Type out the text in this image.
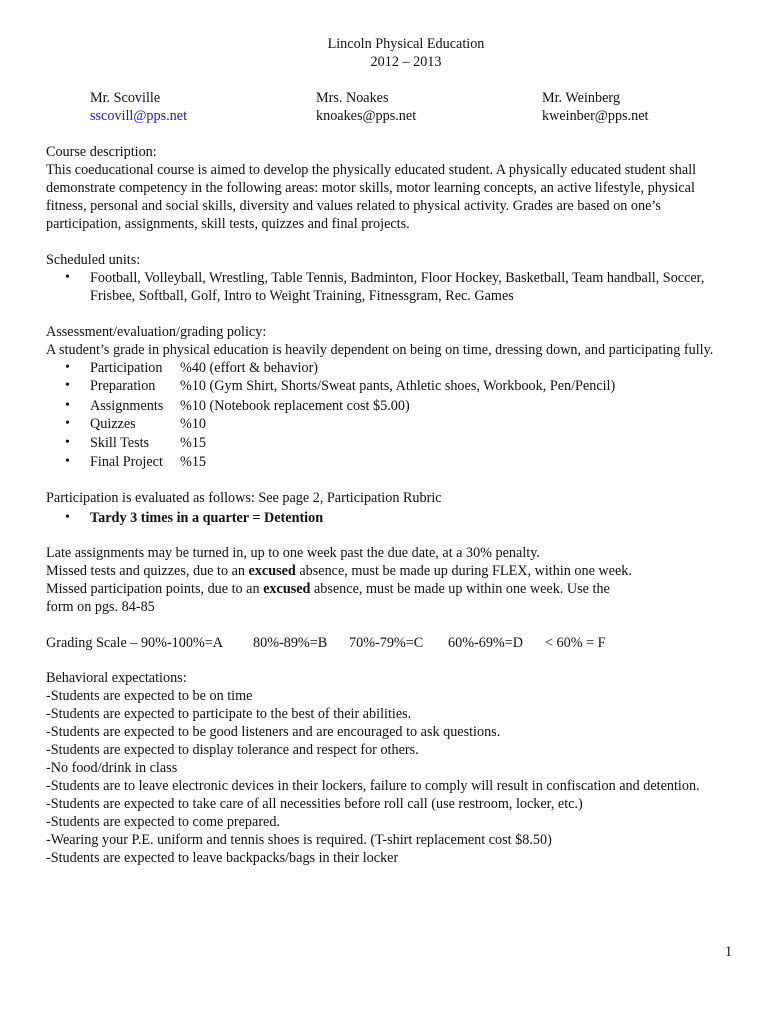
Lincoln Physical Education
2012 – 2013
Mr. Scoville	Mrs. Noakes	Mr. Weinberg
sscovill@pps.net	knoakes@pps.net	kweinber@pps.net
Course description:
This coeducational course is aimed to develop the physically educated student. A physically educated student shall
demonstrate competency in the following areas: motor skills, motor learning concepts, an active lifestyle, physical
fitness, personal and social skills, diversity and values related to physical activity. Grades are based on one’s
participation, assignments, skill tests, quizzes and final projects.
Scheduled units:
• Football, Volleyball, Wrestling, Table Tennis, Badminton, Floor Hockey, Basketball, Team handball, Soccer,
Frisbee, Softball, Golf, Intro to Weight Training, Fitnessgram, Rec. Games
Assessment/evaluation/grading policy:
A student’s grade in physical education is heavily dependent on being on time, dressing down, and participating fully.
• Participation %40 (effort & behavior)
• Preparation %10 (Gym Shirt, Shorts/Sweat pants, Athletic shoes, Workbook, Pen/Pencil)
• Assignments %10 (Notebook replacement cost $5.00)
• Quizzes	%10
• Skill Tests %15
• Final Project %15
Participation is evaluated as follows: See page 2, Participation Rubric
• Tardy 3 times in a quarter = Detention
Late assignments may be turned in, up to one week past the due date, at a 30% penalty.
Missed tests and quizzes, due to an excused absence, must be made up during FLEX, within one week.
Missed participation points, due to an excused absence, must be made up within one week. Use the
form on pgs. 84-85
Grading Scale – 90%-100%=A 80%-89%=B 70%-79%=C 60%-69%=D < 60% = F
Behavioral expectations:
-Students are expected to be on time
-Students are expected to participate to the best of their abilities.
-Students are expected to be good listeners and are encouraged to ask questions.
-Students are expected to display tolerance and respect for others.
-No food/drink in class
-Students are to leave electronic devices in their lockers, failure to comply will result in confiscation and detention.
-Students are expected to take care of all necessities before roll call (use restroom, locker, etc.)
-Students are expected to come prepared.
-Wearing your P.E. uniform and tennis shoes is required. (T-shirt replacement cost $8.50)
-Students are expected to leave backpacks/bags in their locker
1
